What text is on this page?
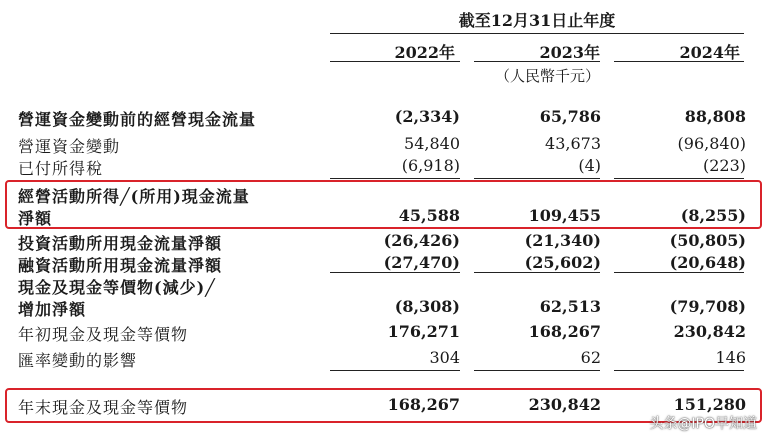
截至12月31日止年度
2022年	2023年	2024年
（人民幣千元）
營運資金變動前的經營現金流量	(2,334)	65,786	88,808
營運資金變動	54,840	43,673	(96,840)
已付所得稅	(6,918)	(4)	(223)
經營活動所得╱(所用)現金流量
淨額	45,588	109,455	(8,255)
投資活動所用現金流量淨額	(26,426)	(21,340)	(50,805)
融資活動所用現金流量淨額	(27,470)	(25,602)	(20,648)
現金及現金等價物(減少)╱
增加淨額	(8,308)	62,513	(79,708)
年初現金及現金等價物	176,271	168,267	230,842
匯率變動的影響	304	62	146
年末現金及現金等價物	168,267	230,842	151,280
头条@IPO早知道
